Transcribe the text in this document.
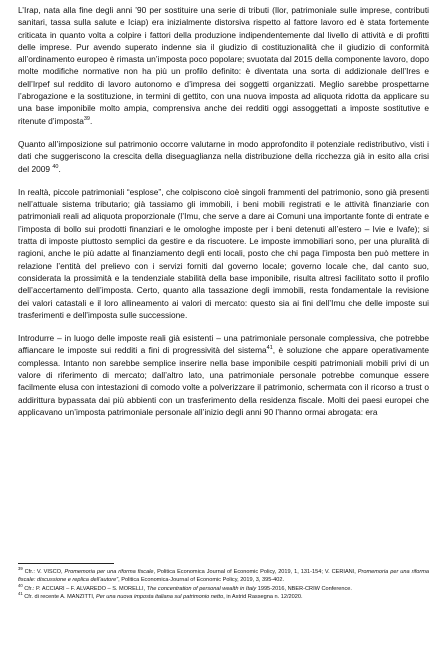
L’Irap, nata alla fine degli anni ’90 per sostituire una serie di tributi (Ilor, patrimoniale sulle imprese, contributi sanitari, tassa sulla salute e Iciap) era inizialmente distorsiva rispetto al fattore lavoro ed è stata fortemente criticata in quanto volta a colpire i fattori della produzione indipendentemente dal livello di attività e di profitti delle imprese. Pur avendo superato indenne sia il giudizio di costituzionalità che il giudizio di conformità all’ordinamento europeo è rimasta un’imposta poco popolare; svuotata dal 2015 della componente lavoro, dopo molte modifiche normative non ha più un profilo definito: è diventata una sorta di addizionale dell’Ires e dell’Irpef sul reddito di lavoro autonomo e d’impresa dei soggetti organizzati. Meglio sarebbe prospettarne l’abrogazione e la sostituzione, in termini di gettito, con una nuova imposta ad aliquota ridotta da applicare su una base imponibile molto ampia, comprensiva anche dei redditi oggi assoggettati a imposte sostitutive e ritenute d’imposta$^{39}$.

Quanto all’imposizione sul patrimonio occorre valutarne in modo approfondito il potenziale redistributivo, visti i dati che suggeriscono la crescita della diseguaglianza nella distribuzione della ricchezza già in esito alla crisi del 2009 $^{40}$.

In realtà, piccole patrimoniali “esplose”, che colpiscono cioè singoli frammenti del patrimonio, sono già presenti nell’attuale sistema tributario; già tassiamo gli immobili, i beni mobili registrati e le attività finanziarie con patrimoniali reali ad aliquota proporzionale (l’Imu, che serve a dare ai Comuni una importante fonte di entrate e l’imposta di bollo sui prodotti finanziari e le omologhe imposte per i beni detenuti all’estero – Ivie e Ivafe); si tratta di imposte piuttosto semplici da gestire e da riscuotere. Le imposte immobiliari sono, per una pluralità di ragioni, anche le più adatte al finanziamento degli enti locali, posto che chi paga l’imposta ben può mettere in relazione l’entità del prelievo con i servizi forniti dal governo locale; governo locale che, dal canto suo, considerata la prossimità e la tendenziale stabilità della base imponibile, risulta altresì facilitato sotto il profilo dell’accertamento dell’imposta. Certo, quanto alla tassazione degli immobili, resta fondamentale la revisione dei valori catastali e il loro allineamento ai valori di mercato: questo sia ai fini dell’Imu che delle imposte sui trasferimenti e dell’imposta sulle successione.

Introdurre – in luogo delle imposte reali già esistenti – una patrimoniale personale complessiva, che potrebbe affiancare le imposte sui redditi a fini di progressività del sistema$^{41}$, è soluzione che appare operativamente complessa. Intanto non sarebbe semplice inserire nella base imponibile cespiti patrimoniali mobili privi di un valore di riferimento di mercato; dall’altro lato, una patrimoniale personale potrebbe comunque essere facilmente elusa con intestazioni di comodo volte a polverizzare il patrimonio, schermata con il ricorso a trust o addirittura bypassata dai più abbienti con un trasferimento della residenza fiscale. Molti dei paesi europei che applicavano un’imposta patrimoniale personale all’inizio degli anni 90 l’hanno ormai abrogata: era

$^{39}$ Cfr.: V. VISCO, Promemoria per una riforma fiscale, Politica Economica Journal of Economic Policy, 2019, 1, 131-154; V. CERIANI, Promemoria per una riforma fiscale: discussione e replica dell’autore”, Politica Economica-Journal of Economic Policy, 2019, 3, 395-402.

$^{40}$ Cfr.: P. ACCIARI – F. ALVAREDO – S. MORELLI, The concentration of personal wealth in Italy 1995-2016, NBER-CRIW Conference.

$^{41}$ Cfr. di recente A. MANZITTI, Per una nuova imposta italiana sul patrimonio netto, in Astrid Rassegna n. 12/2020.
